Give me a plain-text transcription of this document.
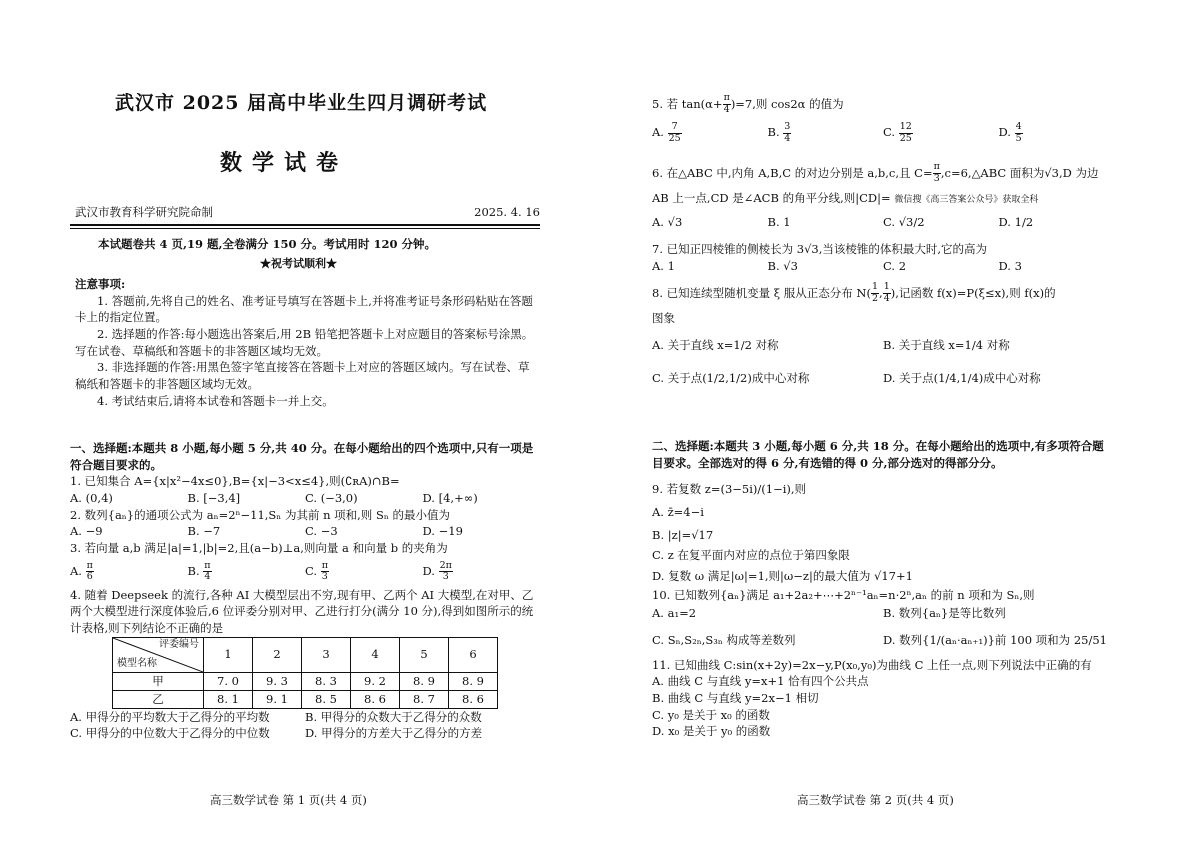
武汉市 2025 届高中毕业生四月调研考试
数学试卷
武汉市教育科学研究院命制	2025. 4. 16
本试题卷共 4 页,19 题,全卷满分 150 分。考试用时 120 分钟。
★祝考试顺利★
注意事项:

1. 答题前,先将自己的姓名、准考证号填写在答题卡上,并将准考证号条形码粘贴在答题卡上的指定位置。

2. 选择题的作答:每小题选出答案后,用 2B 铅笔把答题卡上对应题目的答案标号涂黑。写在试卷、草稿纸和答题卡的非答题区域均无效。

3. 非选择题的作答:用黑色签字笔直接答在答题卡上对应的答题区域内。写在试卷、草稿纸和答题卡的非答题区域均无效。

4. 考试结束后,请将本试卷和答题卡一并上交。

一、选择题:本题共 8 小题,每小题 5 分,共 40 分。在每小题给出的四个选项中,只有一项是符合题目要求的。
1. 已知集合 A={x|x²−4x≤0},B={x|−3<x≤4},则(∁ʀA)∩B=
A. (0,4)	B. [−3,4]	C. (−3,0)	D. [4,+∞)
2. 数列{aₙ}的通项公式为 aₙ=2ⁿ−11,Sₙ 为其前 n 项和,则 Sₙ 的最小值为
A. −9	B. −7	C. −3	D. −19
3. 若向量 a,b 满足|a|=1,|b|=2,且(a−b)⊥a,则向量 a 和向量 b 的夹角为
A. $\frac{\pi}{6}$	B. $\frac{\pi}{4}$	C. $\frac{\pi}{3}$	D. $\frac{2\pi}{3}$
4. 随着 Deepseek 的流行,各种 AI 大模型层出不穷,现有甲、乙两个 AI 大模型,在对甲、乙两个大模型进行深度体验后,6 位评委分别对甲、乙进行打分(满分 10 分),得到如图所示的统计表格,则下列结论不正确的是
评委编号
模型名称	1	2	3	4	5	6
甲	7. 0	9. 3	8. 3	9. 2	8. 9	8. 9
乙	8. 1	9. 1	8. 5	8. 6	8. 7	8. 6
A. 甲得分的平均数大于乙得分的平均数	B. 甲得分的众数大于乙得分的众数
C. 甲得分的中位数大于乙得分的中位数	D. 甲得分的方差大于乙得分的方差
高三数学试卷 第 1 页(共 4 页)
5. 若 $\tan(\alpha+ \frac{\pi}{4} )=7$,则 cos2α 的值为
A. $\frac{7}{25}$	B. $\frac{3}{4}$	C. $\frac{12}{25}$	D. $\frac{4}{5}$
6. 在△ABC 中,内角 A,B,C 的对边分别是 a,b,c,且 $C= \frac{\pi}{3}$ ,c=6,△ABC 面积为√3,D 为边
AB 上一点,CD 是∠ACB 的角平分线,则|CD|= 微信搜《高三答案公众号》获取全科
A. √3	B. 1	C. √3/2	D. 1/2
7. 已知正四棱锥的侧棱长为 3√3,当该棱锥的体积最大时,它的高为
A. 1	B. √3	C. 2	D. 3
8. 已知连续型随机变量 ξ 服从正态分布 $N( \frac{1}{2}$ , $\frac{1}{4}$ ),记函数 f(x)=P(ξ≤x),则 f(x)的
图象
A. 关于直线 x=1/2 对称	B. 关于直线 x=1/4 对称
C. 关于点(1/2,1/2)成中心对称	D. 关于点(1/4,1/4)成中心对称
二、选择题:本题共 3 小题,每小题 6 分,共 18 分。在每小题给出的选项中,有多项符合题目要求。全部选对的得 6 分,有选错的得 0 分,部分选对的得部分分。
9. 若复数 z=(3−5i)/(1−i),则
A. z̄=4−i
B. |z|=√17
C. z 在复平面内对应的点位于第四象限
D. 复数 ω 满足|ω|=1,则|ω−z|的最大值为 √17+1
10. 已知数列{aₙ}满足 a₁+2a₂+⋯+2ⁿ⁻¹aₙ=n·2ⁿ,aₙ 的前 n 项和为 Sₙ,则
A. a₁=2	B. 数列{aₙ}是等比数列
C. Sₙ,S₂ₙ,S₃ₙ 构成等差数列	D. 数列{1/(aₙ·aₙ₊₁)}前 100 项和为 25/51
11. 已知曲线 C:sin(x+2y)=2x−y,P(x₀,y₀)为曲线 C 上任一点,则下列说法中正确的有
A. 曲线 C 与直线 y=x+1 恰有四个公共点
B. 曲线 C 与直线 y=2x−1 相切
C. y₀ 是关于 x₀ 的函数
D. x₀ 是关于 y₀ 的函数
高三数学试卷 第 2 页(共 4 页)
